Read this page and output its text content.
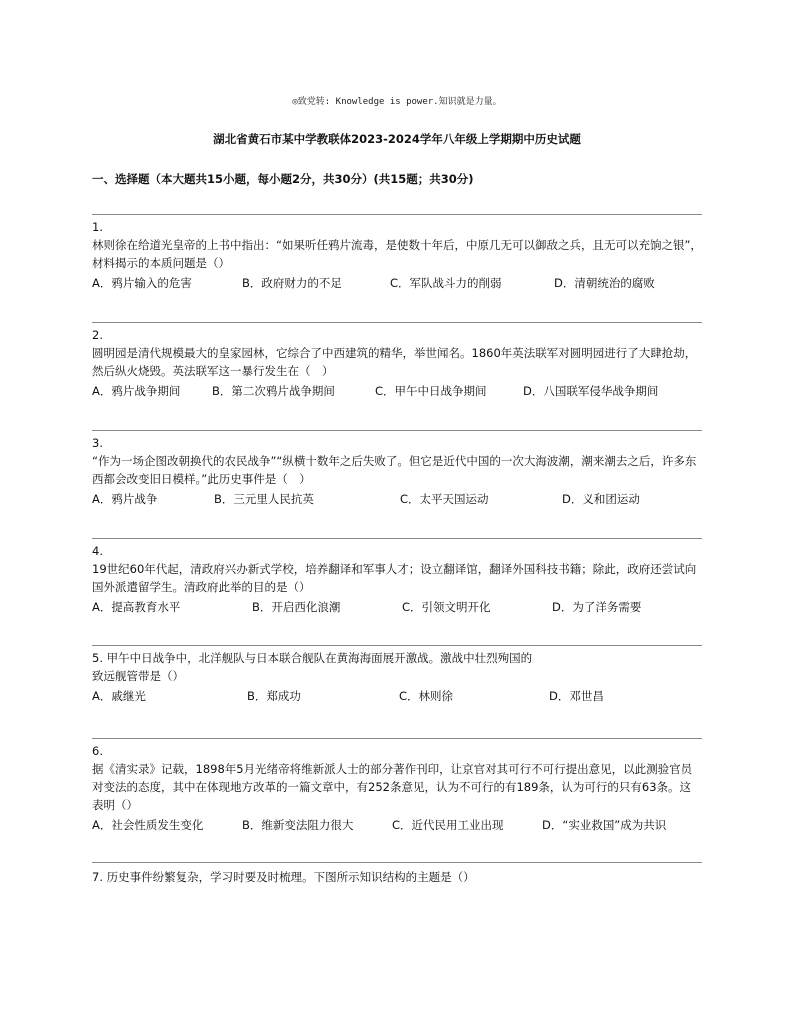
◎致党转: Knowledge is power.知识就是力量。
湖北省黄石市某中学教联体2023-2024学年八年级上学期期中历史试题
一、选择题（本大题共15小题，每小题2分，共30分）(共15题；共30分)
1.
林则徐在给道光皇帝的上书中指出：“如果听任鸦片流毒，是使数十年后，中原几无可以御敌之兵，且无可以充饷之银”，材料揭示的本质问题是（）
A．鸦片输入的危害	B．政府财力的不足	C．军队战斗力的削弱	D．清朝统治的腐败
2.
圆明园是清代规模最大的皇家园林，它综合了中西建筑的精华，举世闻名。1860年英法联军对圆明园进行了大肆抢劫，然后纵火烧毁。英法联军这一暴行发生在（　）
A．鸦片战争期间	B．第二次鸦片战争期间	C．甲午中日战争期间	D．八国联军侵华战争期间
3.
“作为一场企图改朝换代的农民战争”“纵横十数年之后失败了。但它是近代中国的一次大海波潮，潮来潮去之后，许多东西都会改变旧日模样。”此历史事件是（　）
A．鸦片战争	B．三元里人民抗英	C．太平天国运动	D．义和团运动
4.
19世纪60年代起，清政府兴办新式学校，培养翻译和军事人才；设立翻译馆，翻译外国科技书籍；除此，政府还尝试向国外派遣留学生。清政府此举的目的是（）
A．提高教育水平	B．开启西化浪潮	C．引领文明开化	D．为了洋务需要
5. 甲午中日战争中，北洋舰队与日本联合舰队在黄海海面展开激战。激战中壮烈殉国的
致远舰管带是（）
A．戚继光	B．郑成功	C．林则徐	D．邓世昌
6.
据《清实录》记载，1898年5月光绪帝将维新派人士的部分著作刊印，让京官对其可行不可行提出意见，以此测验官员对变法的态度，其中在体现地方改革的一篇文章中，有252条意见，认为不可行的有189条，认为可行的只有63条。这表明（）
A．社会性质发生变化	B．维新变法阻力很大	C．近代民用工业出现	D．“实业救国”成为共识
7. 历史事件纷繁复杂，学习时要及时梳理。下图所示知识结构的主题是（）
